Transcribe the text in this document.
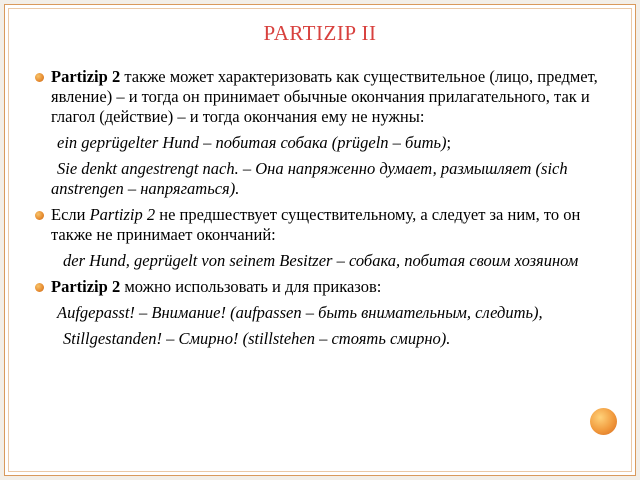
PARTIZIP II
Partizip 2 также может характеризовать как существительное (лицо, предмет, явление) – и тогда он принимает обычные окончания прилагательного, так и глагол (действие) – и тогда окончания ему не нужны:
ein geprügelter Hund – побитая собака (prügeln – бить);
Sie denkt angestrengt nach. – Она напряженно думает, размышляет (sich anstrengen – напрягаться).
Если Partizip 2 не предшествует существительному, а следует за ним, то он также не принимает окончаний:
der Hund, geprügelt von seinem Besitzer – собака, побитая своим хозяином
Partizip 2 можно использовать и для приказов:
Aufgepasst! – Внимание! (aufpassen – быть внимательным, следить),
Stillgestanden! – Смирно! (stillstehen – стоять смирно).
